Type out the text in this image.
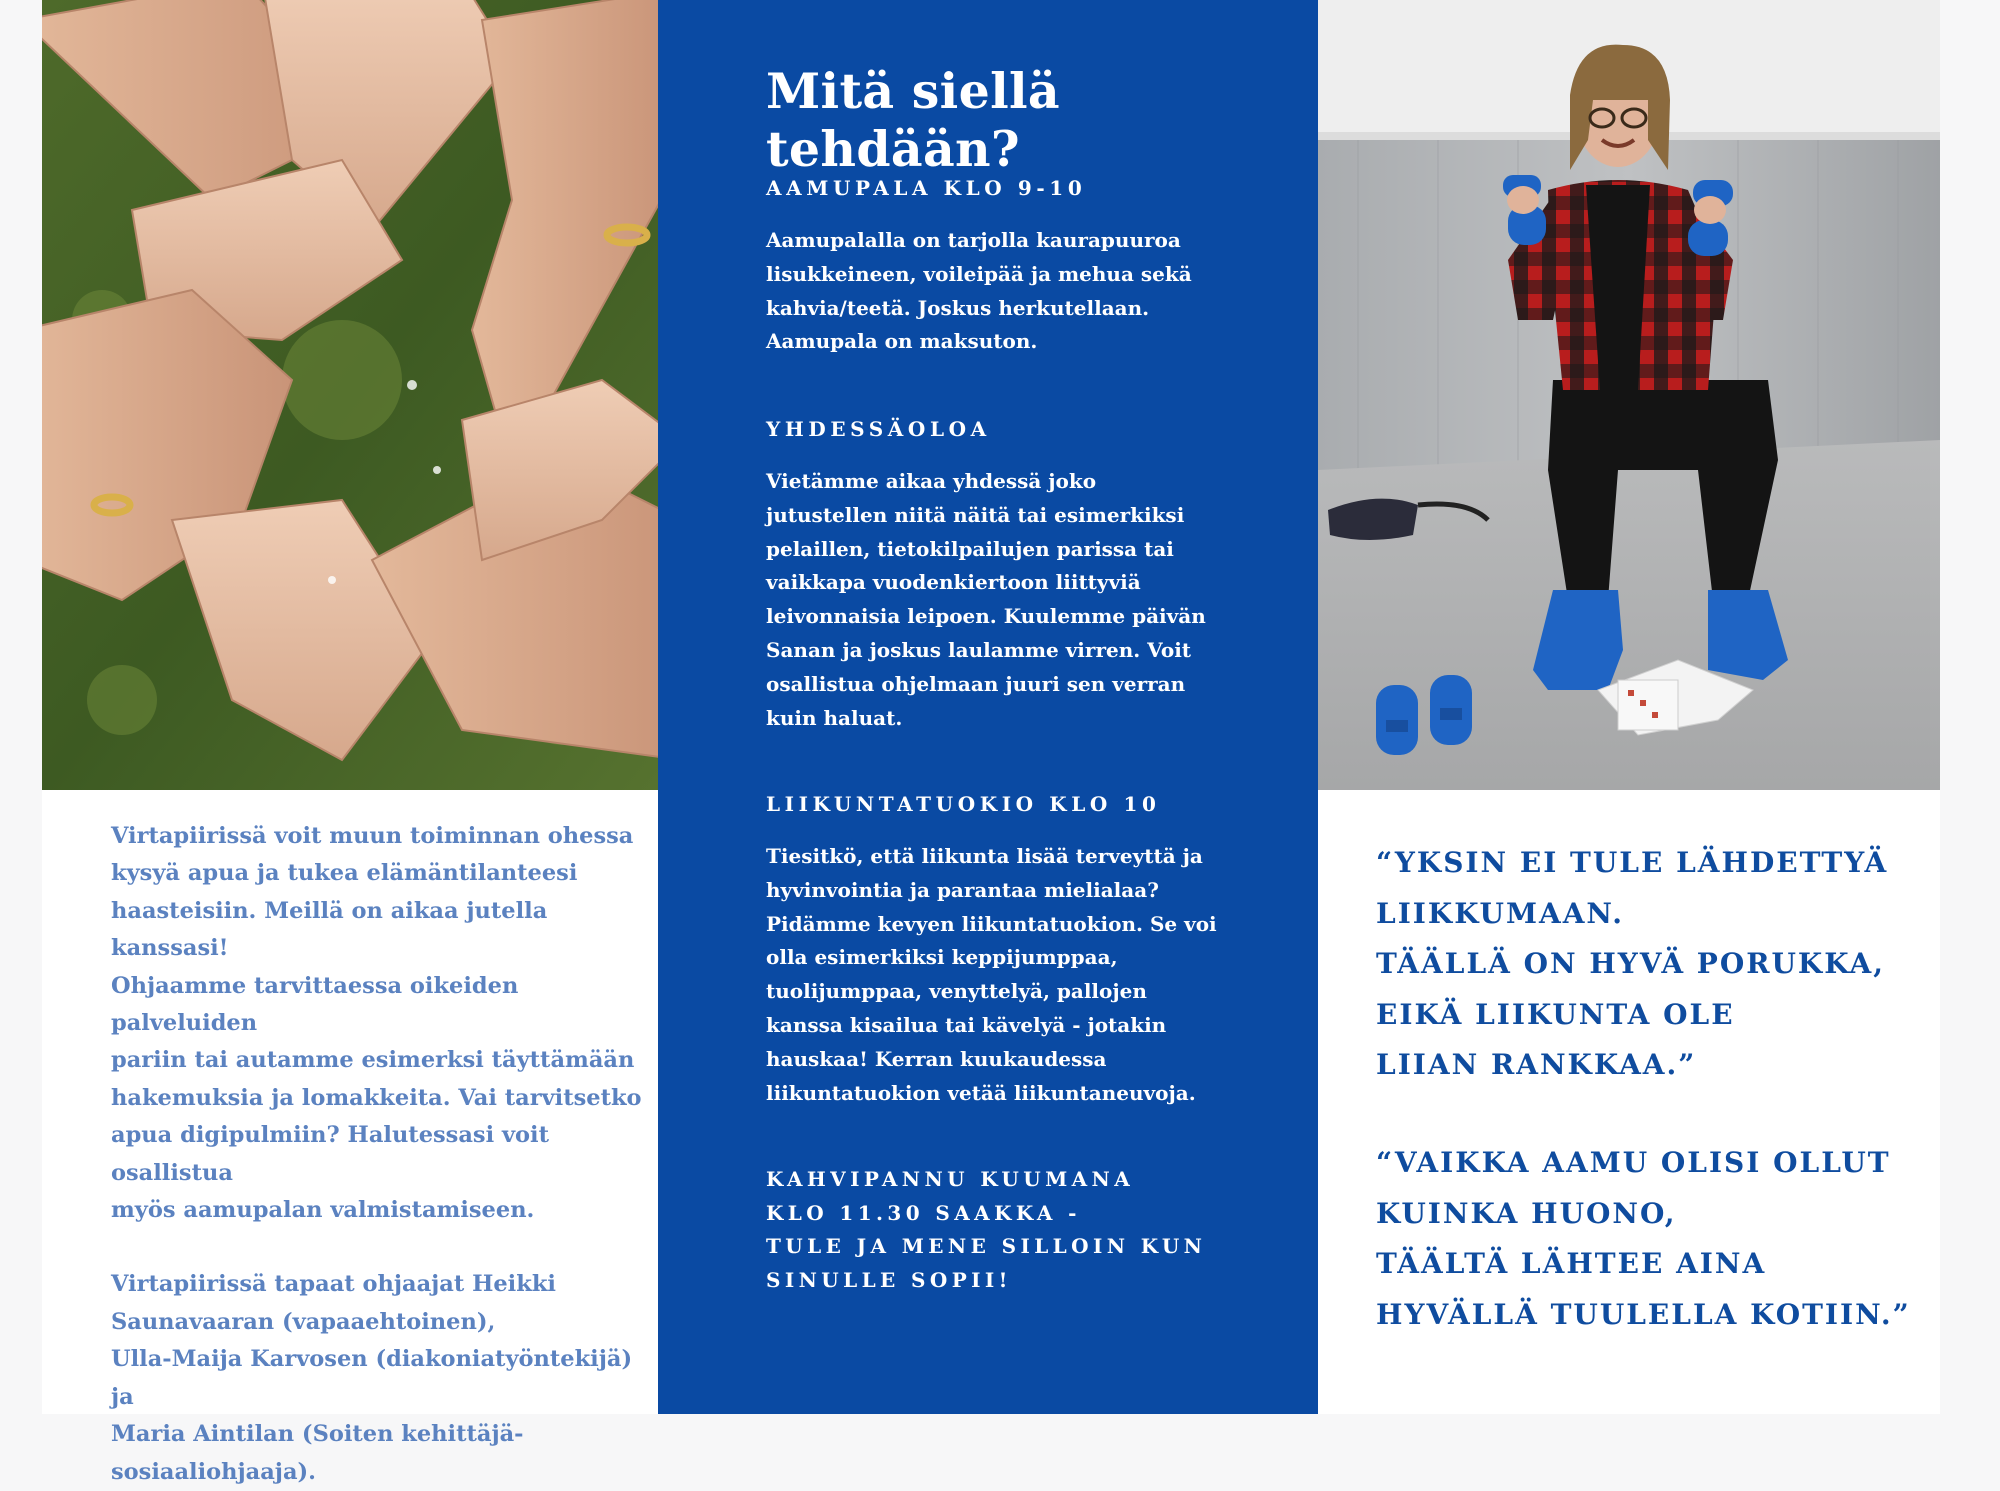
Virtapiirissä voit muun toiminnan ohessa
kysyä apua ja tukea elämäntilanteesi
haasteisiin. Meillä on aikaa jutella kanssasi!
Ohjaamme tarvittaessa oikeiden palveluiden
pariin tai autamme esimerksi täyttämään
hakemuksia ja lomakkeita. Vai tarvitsetko
apua digipulmiin? Halutessasi voit osallistua
myös aamupalan valmistamiseen.

Virtapiirissä tapaat ohjaajat Heikki
Saunavaaran (vapaaehtoinen),
Ulla-Maija Karvosen (diakoniatyöntekijä) ja
Maria Aintilan (Soiten kehittäjä-
sosiaaliohjaaja).

Mitä siellä tehdään?
AAMUPALA KLO 9-10

Aamupalalla on tarjolla kaurapuuroa
lisukkeineen, voileipää ja mehua sekä
kahvia/teetä. Joskus herkutellaan.
Aamupala on maksuton.

YHDESSÄOLOA

Vietämme aikaa yhdessä joko
jutustellen niitä näitä tai esimerkiksi
pelaillen, tietokilpailujen parissa tai
vaikkapa vuodenkiertoon liittyviä
leivonnaisia leipoen. Kuulemme päivän
Sanan ja joskus laulamme virren. Voit
osallistua ohjelmaan juuri sen verran
kuin haluat.

LIIKUNTATUOKIO KLO 10

Tiesitkö, että liikunta lisää terveyttä ja
hyvinvointia ja parantaa mielialaa?
Pidämme kevyen liikuntatuokion. Se voi
olla esimerkiksi keppijumppaa,
tuolijumppaa, venyttelyä, pallojen
kanssa kisailua tai kävelyä - jotakin
hauskaa! Kerran kuukaudessa
liikuntatuokion vetää liikuntaneuvoja.

KAHVIPANNU KUUMANA
KLO 11.30 SAAKKA -
TULE JA MENE SILLOIN KUN
SINULLE SOPII!

“YKSIN EI TULE LÄHDETTYÄ
LIIKKUMAAN.
TÄÄLLÄ ON HYVÄ PORUKKA,
EIKÄ LIIKUNTA OLE
LIIAN RANKKAA.”

“VAIKKA AAMU OLISI OLLUT
KUINKA HUONO,
TÄÄLTÄ LÄHTEE AINA
HYVÄLLÄ TUULELLA KOTIIN.”
